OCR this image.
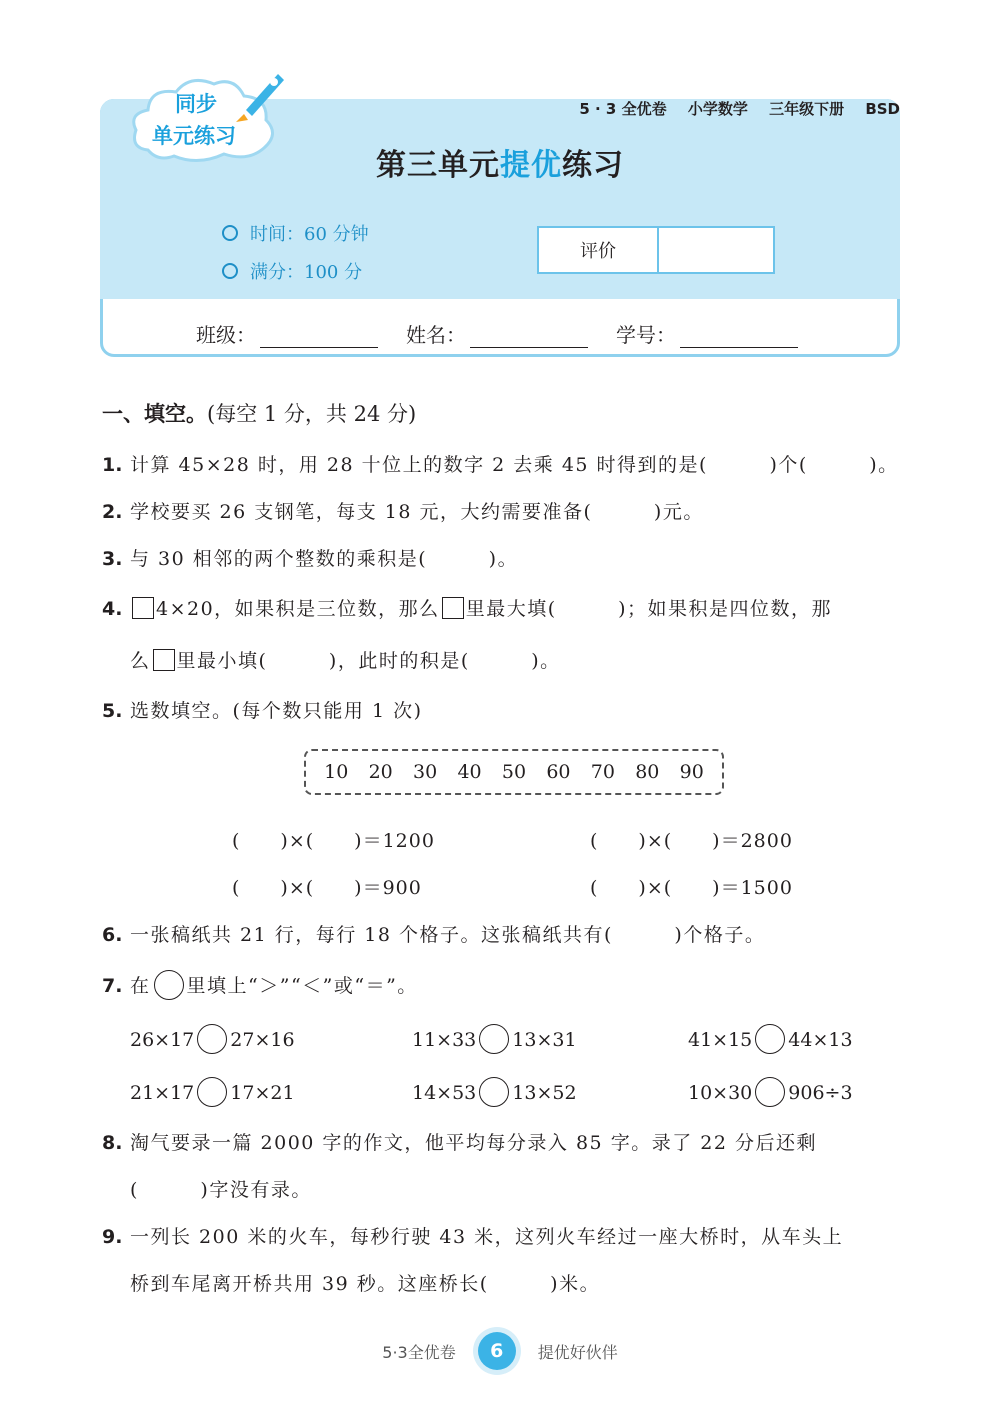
5 · 3 全优卷 小学数学 三年级下册 BSD
同步
单元练习
第三单元提优练习
时间：60 分钟
满分：100 分
评价
班级：	姓名：	学号：
一、填空。(每空 1 分，共 24 分)
1. 计算 45×28 时，用 28 十位上的数字 2 去乘 45 时得到的是(　　　)个(　　　)。
2. 学校要买 26 支钢笔，每支 18 元，大约需要准备(　　　)元。
3. 与 30 相邻的两个整数的乘积是(　　　)。
4. 4×20，如果积是三位数，那么 里最大填(　　　)；如果积是四位数，那
么 里最小填(　　　)，此时的积是(　　　)。
5. 选数填空。(每个数只能用 1 次)
10 20 30 40 50 60 70 80 90
(　　)×(　　)＝1200	(　　)×(　　)＝2800
(　　)×(　　)＝900	(　　)×(　　)＝1500
6. 一张稿纸共 21 行，每行 18 个格子。这张稿纸共有(　　　)个格子。
7. 在 里填上“＞”“＜”或“＝”。
26×17 27×16	11×33 13×31	41×15 44×13
21×17 17×21	14×53 13×52	10×30 906÷3
8. 淘气要录一篇 2000 字的作文，他平均每分录入 85 字。录了 22 分后还剩
(　　　)字没有录。
9. 一列长 200 米的火车，每秒行驶 43 米，这列火车经过一座大桥时，从车头上
桥到车尾离开桥共用 39 秒。这座桥长(　　　)米。
5·3全优卷	6	提优好伙伴
